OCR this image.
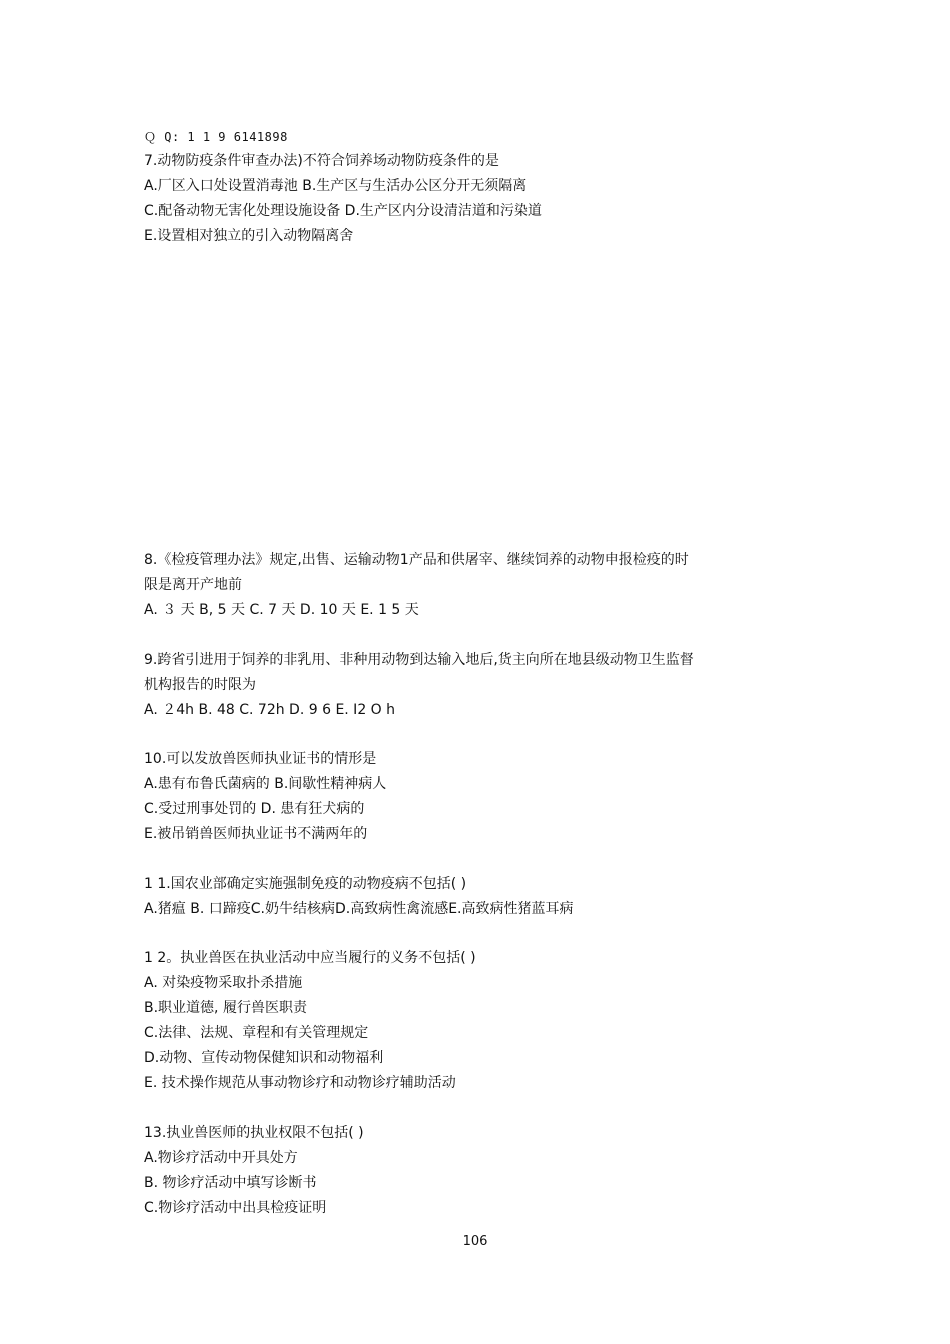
Ｑ Q: 1 1 9 6141898
7.动物防疫条件审查办法)不符合饲养场动物防疫条件的是
A.厂区入口处设置消毒池 B.生产区与生活办公区分开无须隔离
C.配备动物无害化处理设施设备 D.生产区内分设清洁道和污染道
E.设置相对独立的引入动物隔离舍
8.《检疫管理办法》规定,出售、运输动物1产品和供屠宰、继续饲养的动物申报检疫的时
限是离开产地前
A. ３ 天 B, 5 天 C. 7 天 D. 10 天 E. 1 5 天
9.跨省引进用于饲养的非乳用、非种用动物到达输入地后,货主向所在地县级动物卫生监督
机构报告的时限为
A. ２4h B. 48 C. 72h D. 9 6 E. I2 O h
10.可以发放兽医师执业证书的情形是
A.患有布鲁氏菌病的 B.间歇性精神病人
C.受过刑事处罚的 D. 患有狂犬病的
E.被吊销兽医师执业证书不满两年的
1 1.国农业部确定实施强制免疫的动物疫病不包括( )
A.猪瘟 B. 口蹄疫C.奶牛结核病D.高致病性禽流感E.高致病性猪蓝耳病
1 2。执业兽医在执业活动中应当履行的义务不包括( )
A. 对染疫物采取扑杀措施
B.职业道德, 履行兽医职责
C.法律、法规、章程和有关管理规定
D.动物、宣传动物保健知识和动物福利
E. 技术操作规范从事动物诊疗和动物诊疗辅助活动
13.执业兽医师的执业权限不包括( )
A.物诊疗活动中开具处方
B. 物诊疗活动中填写诊断书
C.物诊疗活动中出具检疫证明
106
